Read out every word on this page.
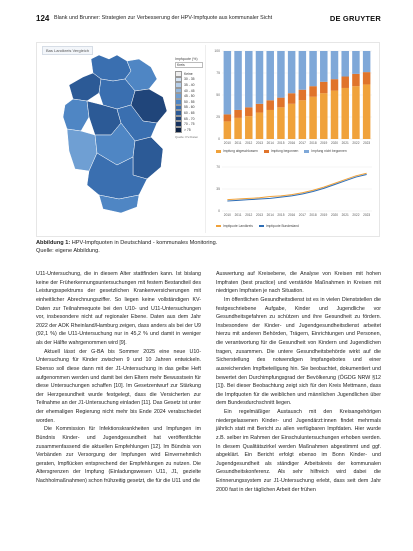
124 Blank und Brunner: Strategien zur Verbesserung der HPV-Impfquote aus kommunaler Sicht	DE GRUYTER
Bas Landkreis Vergleich
Impfquote (%)
Kreis
Keine
30 - 35
35 - 40
40 - 45
45 - 50
50 - 55
55 - 60
60 - 65
65 - 70
70 - 75
> 75
Quelle: KV-Daten
0
25
50
75
100
2010 2011 2012 2013 2014 2015 2016 2017 2018 2019 2020 2021 2022 2023
Impfung abgeschlossen	Impfung begonnen	Impfung nicht begonnen
0
35
70
2010 2011 2012 2013 2014 2015 2016 2017 2018 2019 2020 2021 2022 2023
Impfquote Landkreis	Impfquote Bundesland
Abbildung 1: HPV-Impfquoten in Deutschland - kommunales Monitoring.
Quelle: eigene Abbildung.

U11-Untersuchung, die in diesem Alter stattfinden kann. Ist bislang keine der Früherkennungsuntersuchungen mit festem Bestandteil des Leistungsspektrums der gesetzlichen Krankenversicherungen mit einheitlicher Abrechnungsziffer. So liegen keine vollständigen KV-Daten zur Teilnahmequote bei den U10- und U11-Untersuchungen vor, insbesondere nicht auf regionaler Ebene. Daten aus dem Jahr 2022 der AOK Rheinland/Hamburg zeigen, dass anders als bei der U9 (92,1 %) die U11-Untersuchung nur in 45,2 % und damit in weniger als der Hälfte wahrgenommen wird [9].

Aktuell lässt der G-BA bis Sommer 2025 eine neue U10-Untersuchung für Kinder zwischen 9 und 10 Jahren entwickeln. Ebenso soll diese dann mit der J1-Untersuchung in das gelbe Heft aufgenommen werden und damit bei den Eltern mehr Bewusstsein für diese Untersuchungen schaffen [10]. Im Gesetzentwurf zur Stärkung der Herzgesundheit wurde festgelegt, dass die Versicherten zur Teilnahme an der J1-Untersuchung einladen [11]. Das Gesetz ist unter der ehemaligen Regierung nicht mehr bis Ende 2024 verabschiedet worden.

Die Kommission für Infektionskrankheiten und Impfungen im Bündnis Kinder- und Jugendgesundheit hat veröffentlichte zusammenfassend die aktuellen Empfehlungen [12]. Im Bündnis von Verbänden zur Versorgung der Impfungen wird Einvernehmlich geraten, Impflücken entsprechend der Empfehlungen zu nutzen. Die Altersgrenzen der Impfung (Einladungswesen U11, J1, gezielte Nachholmaßnahmen) schon frühzeitig gesetzt, die für die U11 und die

Auswertung auf Kreisebene, die Analyse von Kreisen mit hohen Impfraten (best practice) und verstärkte Maßnahmen in Kreisen mit niedrigen Impfraten je nach Situation.

Im öffentlichen Gesundheitsdienst ist es in vielen Dienststellen die festgeschriebene Aufgabe, Kinder und Jugendliche vor Gesundheitsgefahren zu schützen und ihre Gesundheit zu fördern. Insbesondere der Kinder- und Jugendgesundheitsdienst arbeitet hierzu mit anderen Behörden, Trägern, Einrichtungen und Personen, die verantwortung für die Gesundheit von Kindern und Jugendlichen tragen, zusammen. Die untere Gesundheitsbehörde wirkt auf die Sicherstellung des notwendigen Impfangebotes und einer ausreichenden Impfbeteiligung hin. Sie beobachtet, dokumentiert und bewertet den Durchimpfungsgrad der Bevölkerung (ÖGDG NRW §12 [1]). Bei dieser Beobachtung zeigt sich für den Kreis Mettmann, dass die Impfquoten für die weiblichen und männlichen Jugendlichen über dem Bundesdurchschnitt liegen.

Ein regelmäßiger Austausch mit den Kreisangehörigen niedergelassenen Kinder- und Jugendärzt:innen findet mehrmals jährlich statt mit Bericht zu allen verfügbaren Impfdaten. Hier wurde z.B. selber im Rahmen der Einschuluntersuchungen erhoben werden. In diesem Qualitätszirkel werden Maßnahmen abgestimmt und ggf. abgeklärt. Ein Bericht erfolgt ebenso im Bonn Kinder- und Jugendgesundheit als ständiger Arbeitskreis der kommunalen Gesundheitskonferenz. Als sehr hilfreich wird dabei die Erinnerungssystem zur J1-Untersuchung erlebt, dass seit dem Jahr 2000 fast in der täglichen Arbeit der frühen
